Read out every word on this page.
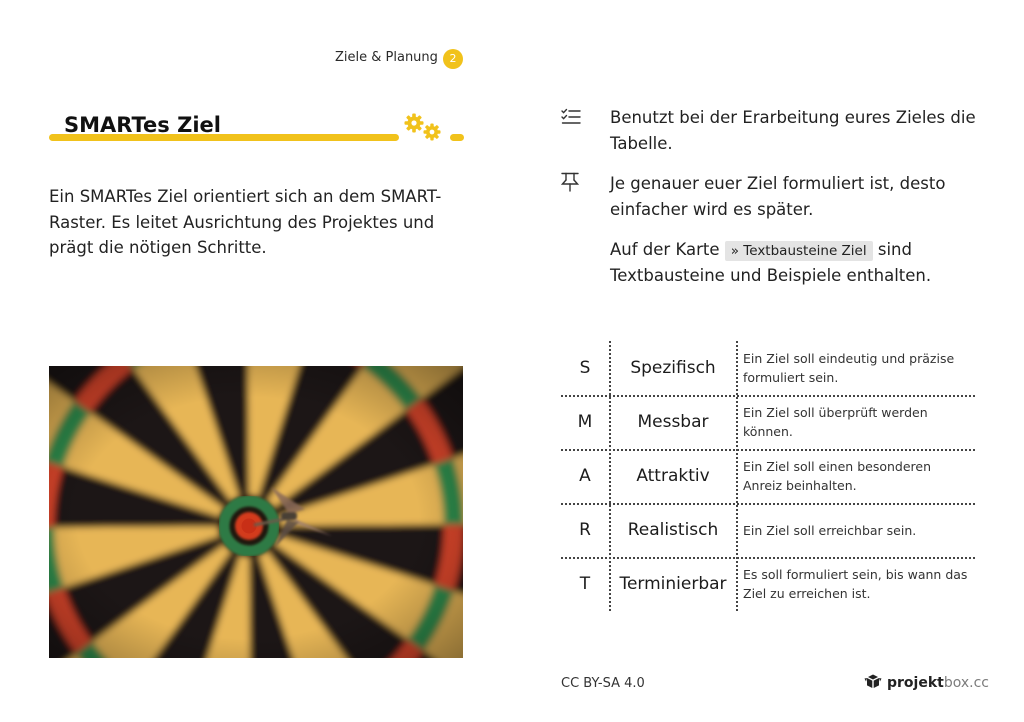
Ziele & Planung	2
SMARTes Ziel
Ein SMARTes Ziel orientiert sich an dem SMART-Raster. Es leitet Ausrichtung des Projektes und prägt die nötigen Schritte.
Benutzt bei der Erarbeitung eures Zieles die Tabelle.
Je genauer euer Ziel formuliert ist, desto einfacher wird es später.
Auf der Karte » Textbausteine Ziel sind Textbausteine und Beispiele enthalten.
S	Spezifisch	Ein Ziel soll eindeutig und präzise formuliert sein.
M	Messbar	Ein Ziel soll überprüft werden können.
A	Attraktiv	Ein Ziel soll einen besonderen Anreiz beinhalten.
R	Realistisch	Ein Ziel soll erreichbar sein.
T	Terminierbar	Es soll formuliert sein, bis wann das Ziel zu erreichen ist.
CC BY-SA 4.0	projektbox.cc
